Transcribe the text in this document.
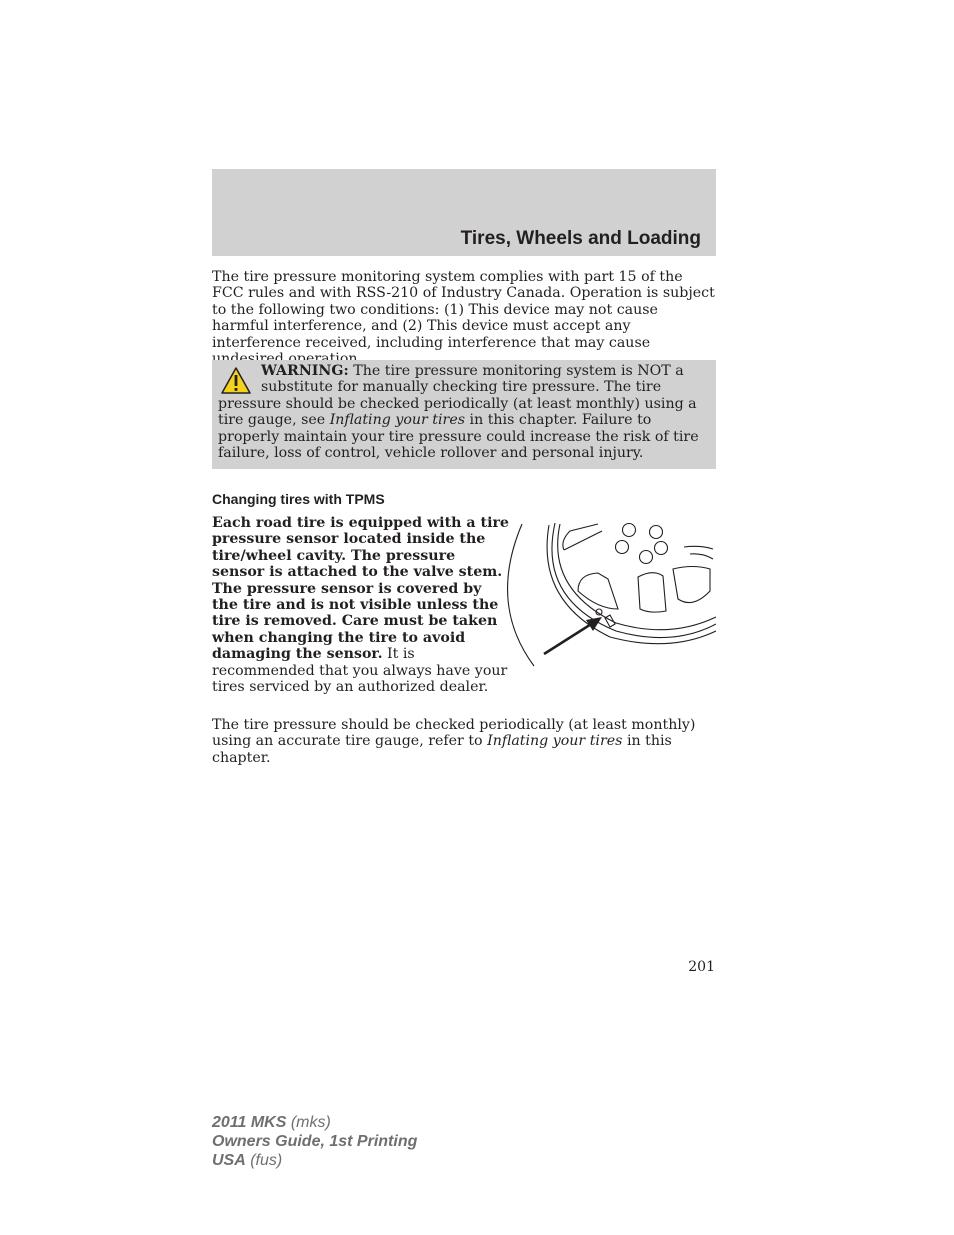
Tires, Wheels and Loading

The tire pressure monitoring system complies with part 15 of the FCC rules and with RSS-210 of Industry Canada. Operation is subject to the following two conditions: (1) This device may not cause harmful interference, and (2) This device must accept any interference received, including interference that may cause

WARNING: The tire pressure monitoring system is NOT a substitute for manually checking tire pressure. The tire pressure should be checked periodically (at least monthly) using a tire gauge, see Inflating your tires in this chapter. Failure to properly maintain your tire pressure could increase the risk of tire failure, loss of control, vehicle rollover and personal injury.

Changing tires with TPMS

Each road tire is equipped with a tire pressure sensor located inside the tire/wheel cavity. The pressure sensor is attached to the valve stem. The pressure sensor is covered by the tire and is not visible unless the tire is removed. Care must be taken when changing the tire to avoid damaging the sensor. It is recommended that you always have your tires serviced by an authorized dealer.

The tire pressure should be checked periodically (at least monthly) using an accurate tire gauge, refer to Inflating your tires in this chapter.

201
2011 MKS (mks)
Owners Guide, 1st Printing
USA (fus)
